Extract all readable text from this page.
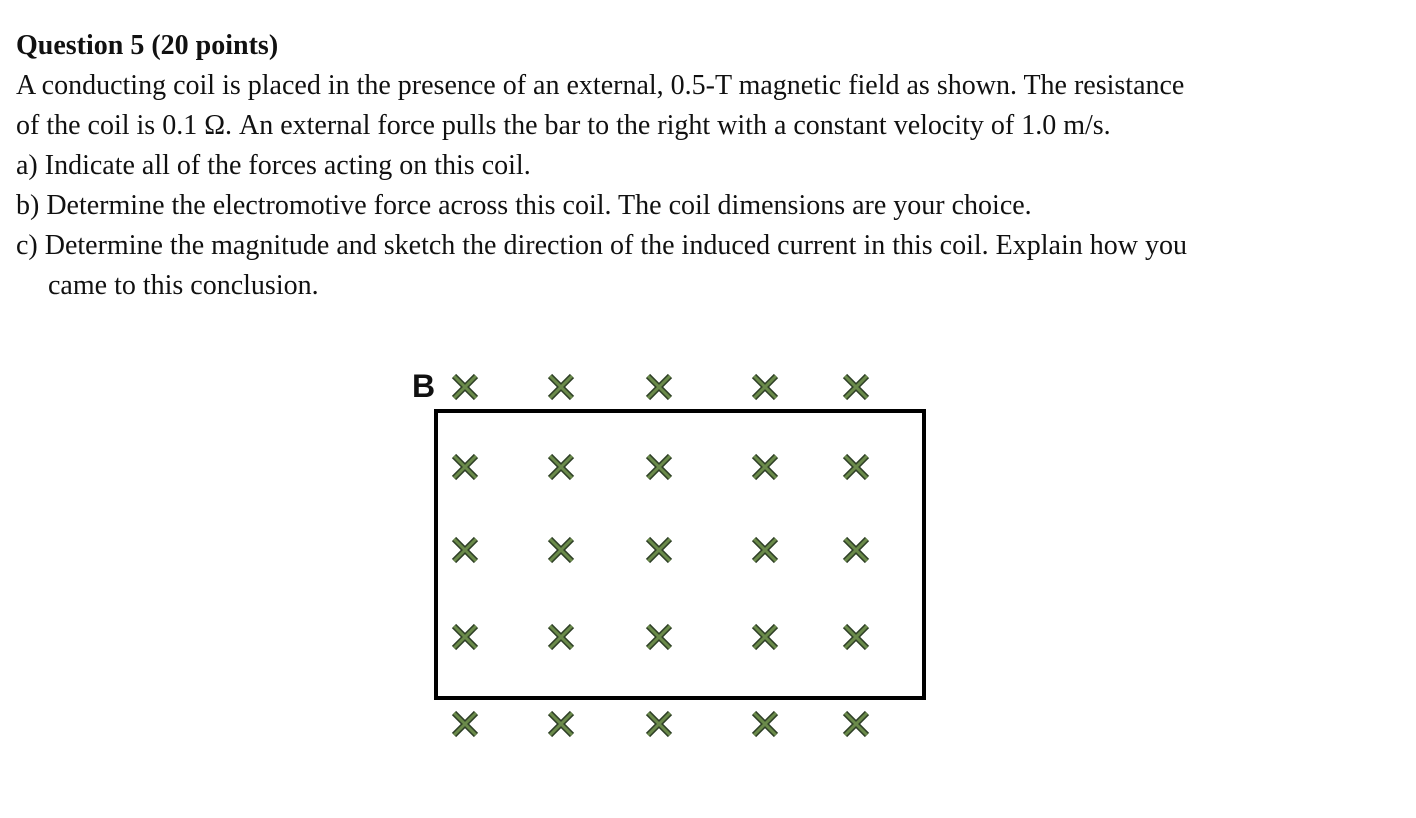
Question 5 (20 points)

A conducting coil is placed in the presence of an external, 0.5-T magnetic field as shown. The resistance

of the coil is 0.1 Ω. An external force pulls the bar to the right with a constant velocity of 1.0 m/s.

a) Indicate all of the forces acting on this coil.

b) Determine the electromotive force across this coil. The coil dimensions are your choice.

c) Determine the magnitude and sketch the direction of the induced current in this coil. Explain how you

came to this conclusion.

B
